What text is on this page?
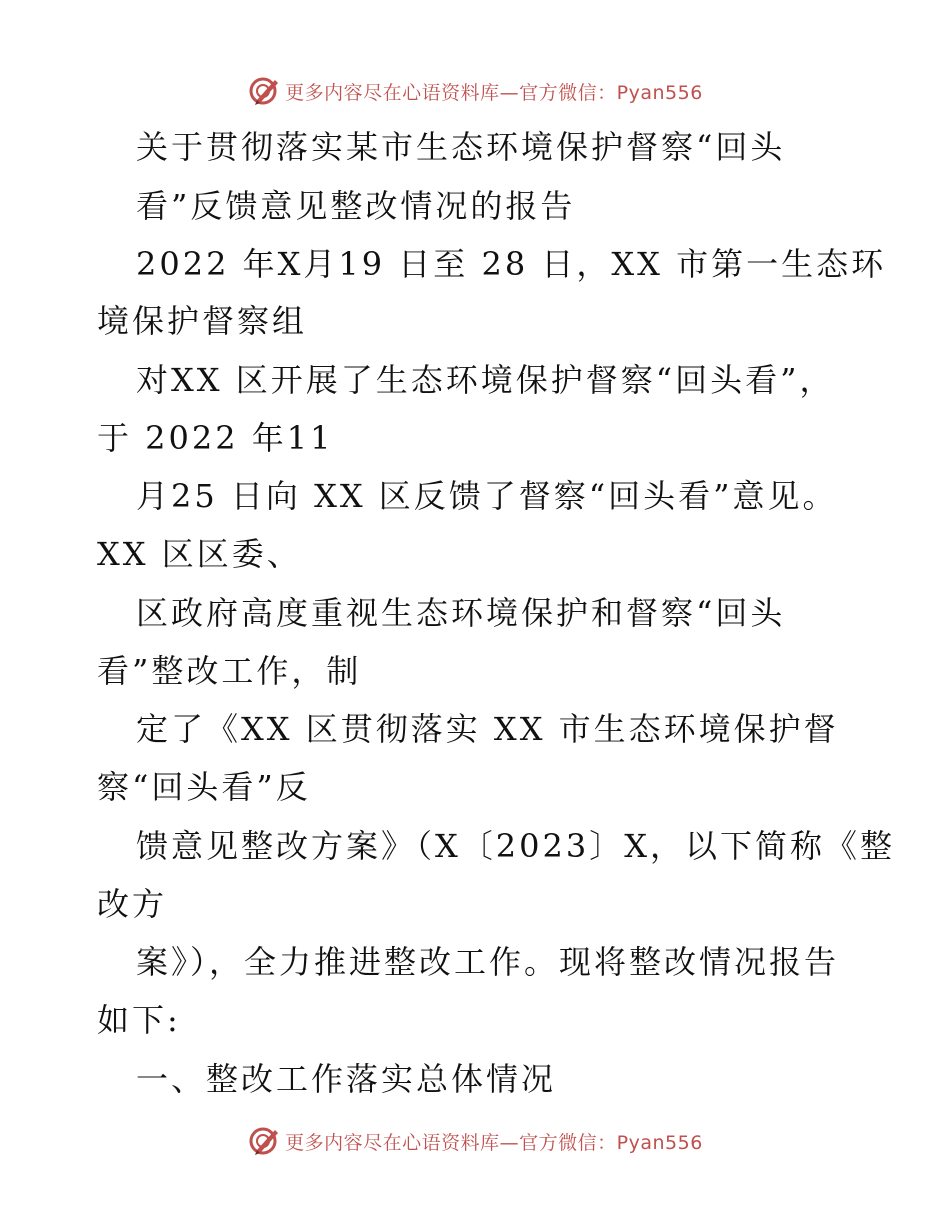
更多内容尽在心语资料库—官方微信：Pyan556
关于贯彻落实某市生态环境保护督察“回头
看”反馈意见整改情况的报告
2022 年X月19 日至 28 日，XX 市第一生态环
境保护督察组
对XX 区开展了生态环境保护督察“回头看”，
于 2022 年11
月25 日向 XX 区反馈了督察“回头看”意见。
XX 区区委、
区政府高度重视生态环境保护和督察“回头
看”整改工作，制
定了《XX 区贯彻落实 XX 市生态环境保护督
察“回头看”反
馈意见整改方案》（X〔2023〕X，以下简称《整
改方
案》），全力推进整改工作。现将整改情况报告
如下:
一、整改工作落实总体情况
更多内容尽在心语资料库—官方微信：Pyan556
